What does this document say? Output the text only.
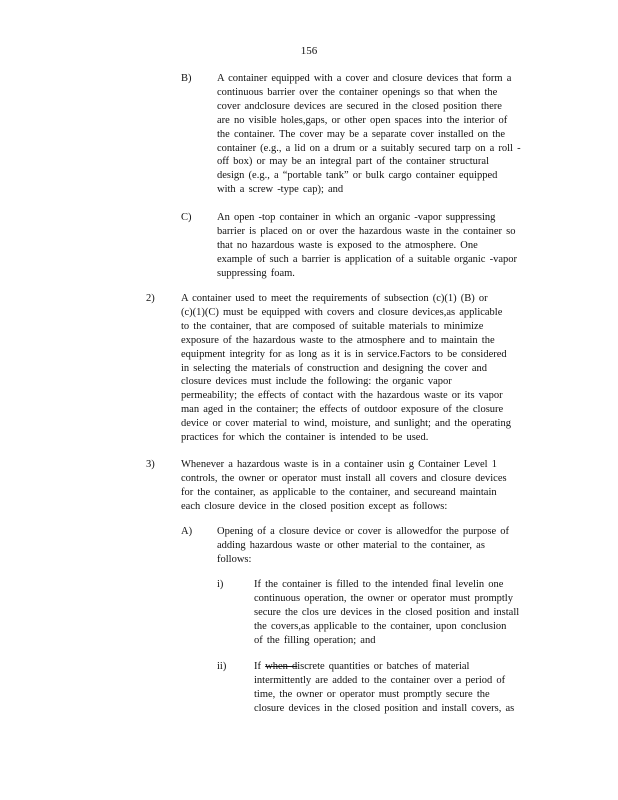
156
B) A container equipped with a cover and closure devices that form a
continuous barrier over the container openings so that when the
cover andclosure devices are secured in the closed position there
are no visible holes,gaps, or other open spaces into the interior of
the container. The cover may be a separate cover installed on the
container (e.g., a lid on a drum or a suitably secured tarp on a roll -
off box) or may be an integral part of the container structural
design (e.g., a “portable tank” or bulk cargo container equipped
with a screw -type cap); and
C) An open -top container in which an organic -vapor suppressing
barrier is placed on or over the hazardous waste in the container so
that no hazardous waste is exposed to the atmosphere. One
example of such a barrier is application of a suitable organic -vapor
suppressing foam.
2)	A container used to meet the requirements of subsection (c)(1) (B) or
(c)(1)(C) must be equipped with covers and closure devices,as applicable
to the container, that are composed of suitable materials to minimize
exposure of the hazardous waste to the atmosphere and to maintain the
equipment integrity for as long as it is in service.Factors to be considered
in selecting the materials of construction and designing the cover and
closure devices must include the following: the organic vapor
permeability; the effects of contact with the hazardous waste or its vapor
man aged in the container; the effects of outdoor exposure of the closure
device or cover material to wind, moisture, and sunlight; and the operating
practices for which the container is intended to be used.
3)	Whenever a hazardous waste is in a container usin g Container Level 1
controls, the owner or operator must install all covers and closure devices
for the container, as applicable to the container, and secureand maintain
each closure device in the closed position except as follows:
A) Opening of a closure device or cover is allowedfor the purpose of
adding hazardous waste or other material to the container, as
follows:
i)	If the container is filled to the intended final levelin one
continuous operation, the owner or operator must promptly
secure the clos ure devices in the closed position and install
the covers,as applicable to the container, upon conclusion
of the filling operation; and
ii)	If when discrete quantities or batches of material
intermittently are added to the container over a period of
time, the owner or operator must promptly secure the
closure devices in the closed position and install covers, as
